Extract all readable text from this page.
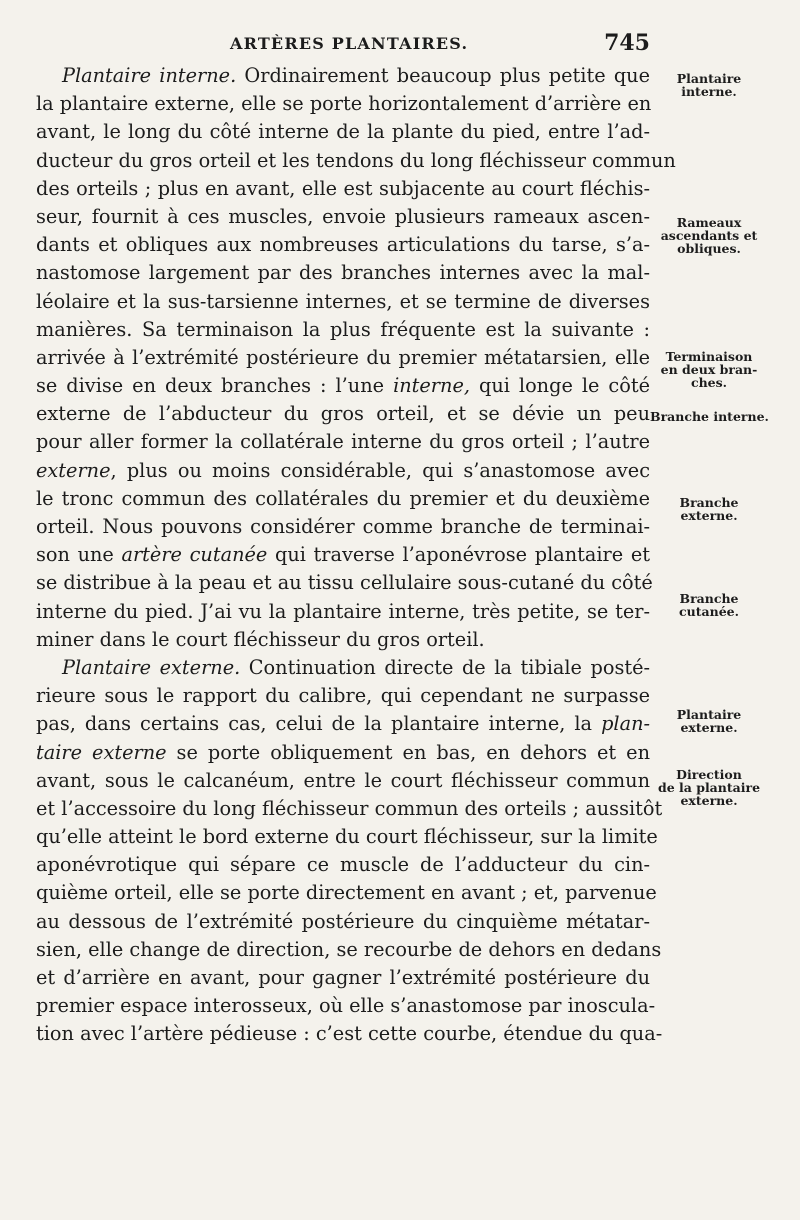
ARTÈRES PLANTAIRES.	745
Plantaire interne. Ordinairement beaucoup plus petite que
la plantaire externe, elle se porte horizontalement d’arrière en
avant, le long du côté interne de la plante du pied, entre l’ad-
ducteur du gros orteil et les tendons du long fléchisseur commun
des orteils ; plus en avant, elle est subjacente au court fléchis-
seur, fournit à ces muscles, envoie plusieurs rameaux ascen-
dants et obliques aux nombreuses articulations du tarse, s’a-
nastomose largement par des branches internes avec la mal-
léolaire et la sus-tarsienne internes, et se termine de diverses
manières. Sa terminaison la plus fréquente est la suivante :
arrivée à l’extrémité postérieure du premier métatarsien, elle
se divise en deux branches : l’une interne, qui longe le côté
externe de l’abducteur du gros orteil, et se dévie un peu
pour aller former la collatérale interne du gros orteil ; l’autre
externe, plus ou moins considérable, qui s’anastomose avec
le tronc commun des collatérales du premier et du deuxième
orteil. Nous pouvons considérer comme branche de terminai-
son une artère cutanée qui traverse l’aponévrose plantaire et
se distribue à la peau et au tissu cellulaire sous-cutané du côté
interne du pied. J’ai vu la plantaire interne, très petite, se ter-
miner dans le court fléchisseur du gros orteil.
Plantaire externe. Continuation directe de la tibiale posté-
rieure sous le rapport du calibre, qui cependant ne surpasse
pas, dans certains cas, celui de la plantaire interne, la plan-
taire externe se porte obliquement en bas, en dehors et en
avant, sous le calcanéum, entre le court fléchisseur commun
et l’accessoire du long fléchisseur commun des orteils ; aussitôt
qu’elle atteint le bord externe du court fléchisseur, sur la limite
aponévrotique qui sépare ce muscle de l’adducteur du cin-
quième orteil, elle se porte directement en avant ; et, parvenue
au dessous de l’extrémité postérieure du cinquième métatar-
sien, elle change de direction, se recourbe de dehors en dedans
et d’arrière en avant, pour gagner l’extrémité postérieure du
premier espace interosseux, où elle s’anastomose par inoscula-
tion avec l’artère pédieuse : c’est cette courbe, étendue du qua-
Plantaire
interne.
Rameaux
ascendants et
obliques.
Terminaison
en deux bran-
ches.
Branche interne.
Branche
externe.
Branche
cutanée.
Plantaire
externe.
Direction
de la plantaire
externe.
